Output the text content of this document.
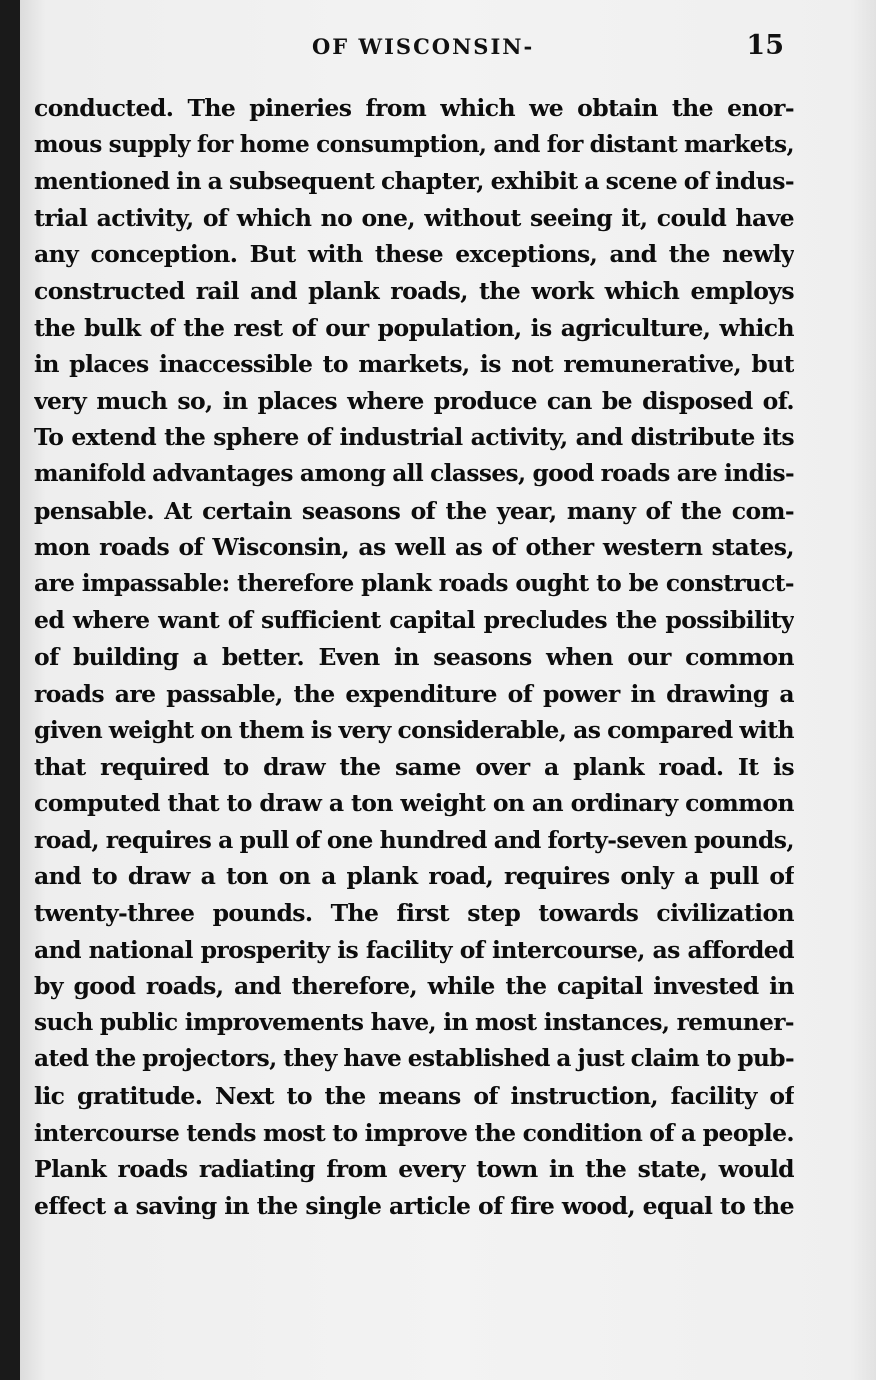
OF WISCONSIN-	15
conducted. The pineries from which we obtain the enor-
mous supply for home consumption, and for distant markets,
mentioned in a subsequent chapter, exhibit a scene of indus-
trial activity, of which no one, without seeing it, could have
any conception. But with these exceptions, and the newly
constructed rail and plank roads, the work which employs
the bulk of the rest of our population, is agriculture, which
in places inaccessible to markets, is not remunerative, but
very much so, in places where produce can be disposed of.
To extend the sphere of industrial activity, and distribute its
manifold advantages among all classes, good roads are indis-
pensable. At certain seasons of the year, many of the com-
mon roads of Wisconsin, as well as of other western states,
are impassable: therefore plank roads ought to be construct-
ed where want of sufficient capital precludes the possibility
of building a better. Even in seasons when our common
roads are passable, the expenditure of power in drawing a
given weight on them is very considerable, as compared with
that required to draw the same over a plank road. It is
computed that to draw a ton weight on an ordinary common
road, requires a pull of one hundred and forty-seven pounds,
and to draw a ton on a plank road, requires only a pull of
twenty-three pounds. The first step towards civilization
and national prosperity is facility of intercourse, as afforded
by good roads, and therefore, while the capital invested in
such public improvements have, in most instances, remuner-
ated the projectors, they have established a just claim to pub-
lic gratitude. Next to the means of instruction, facility of
intercourse tends most to improve the condition of a people.
Plank roads radiating from every town in the state, would
effect a saving in the single article of fire wood, equal to the
